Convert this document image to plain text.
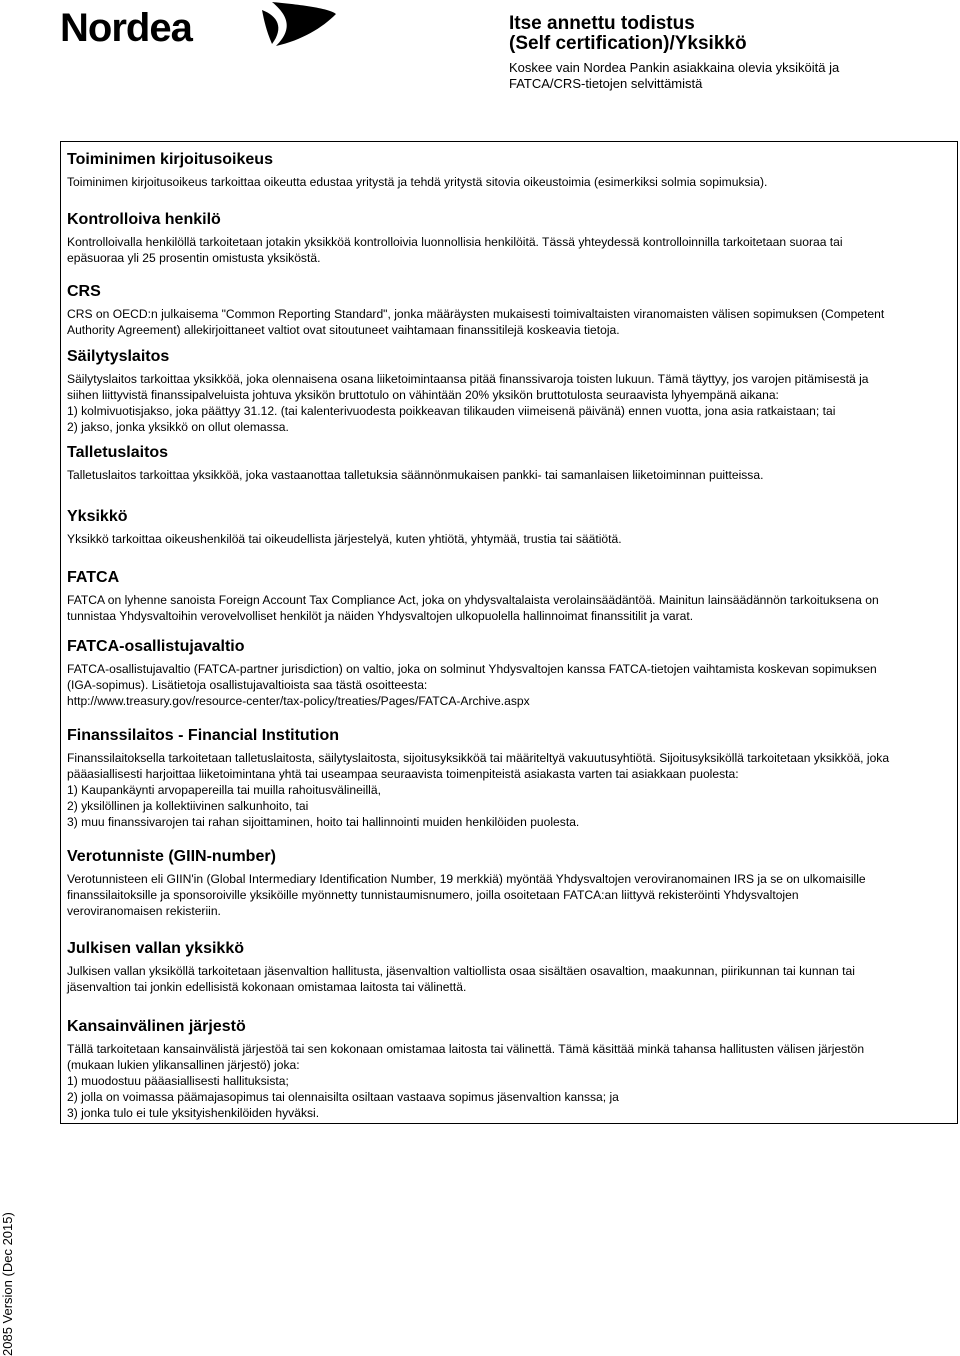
Nordea	Itse annettu todistus
(Self certification)/Yksikkö
Koskee vain Nordea Pankin asiakkaina olevia yksiköitä ja
FATCA/CRS-tietojen selvittämistä
Toiminimen kirjoitusoikeus
Toiminimen kirjoitusoikeus tarkoittaa oikeutta edustaa yritystä ja tehdä yritystä sitovia oikeustoimia (esimerkiksi solmia sopimuksia).
Kontrolloiva henkilö
Kontrolloivalla henkilöllä tarkoitetaan jotakin yksikköä kontrolloivia luonnollisia henkilöitä. Tässä yhteydessä kontrolloinnilla tarkoitetaan suoraa tai
epäsuoraa yli 25 prosentin omistusta yksiköstä.
CRS
CRS on OECD:n julkaisema "Common Reporting Standard", jonka määräysten mukaisesti toimivaltaisten viranomaisten välisen sopimuksen (Competent
Authority Agreement) allekirjoittaneet valtiot ovat sitoutuneet vaihtamaan finanssitilejä koskeavia tietoja.
Säilytyslaitos
Säilytyslaitos tarkoittaa yksikköä, joka olennaisena osana liiketoimintaansa pitää finanssivaroja toisten lukuun. Tämä täyttyy, jos varojen pitämisestä ja
siihen liittyvistä finanssipalveluista johtuva yksikön bruttotulo on vähintään 20% yksikön bruttotulosta seuraavista lyhyempänä aikana:
1) kolmivuotisjakso, joka päättyy 31.12. (tai kalenterivuodesta poikkeavan tilikauden viimeisenä päivänä) ennen vuotta, jona asia ratkaistaan; tai
2) jakso, jonka yksikkö on ollut olemassa.
Talletuslaitos
Talletuslaitos tarkoittaa yksikköä, joka vastaanottaa talletuksia säännönmukaisen pankki- tai samanlaisen liiketoiminnan puitteissa.
Yksikkö
Yksikkö tarkoittaa oikeushenkilöä tai oikeudellista järjestelyä, kuten yhtiötä, yhtymää, trustia tai säätiötä.
FATCA
FATCA on lyhenne sanoista Foreign Account Tax Compliance Act, joka on yhdysvaltalaista verolainsäädäntöä. Mainitun lainsäädännön tarkoituksena on
tunnistaa Yhdysvaltoihin verovelvolliset henkilöt ja näiden Yhdysvaltojen ulkopuolella hallinnoimat finanssitilit ja varat.
FATCA-osallistujavaltio
FATCA-osallistujavaltio (FATCA-partner jurisdiction) on valtio, joka on solminut Yhdysvaltojen kanssa FATCA-tietojen vaihtamista koskevan sopimuksen
(IGA-sopimus). Lisätietoja osallistujavaltioista saa tästä osoitteesta:
http://www.treasury.gov/resource-center/tax-policy/treaties/Pages/FATCA-Archive.aspx
Finanssilaitos - Financial Institution
Finanssilaitoksella tarkoitetaan talletuslaitosta, säilytyslaitosta, sijoitusyksikköä tai määriteltyä vakuutusyhtiötä. Sijoitusyksiköllä tarkoitetaan yksikköä, joka
pääasiallisesti harjoittaa liiketoimintana yhtä tai useampaa seuraavista toimenpiteistä asiakasta varten tai asiakkaan puolesta:
1) Kaupankäynti arvopapereilla tai muilla rahoitusvälineillä,
2) yksilöllinen ja kollektiivinen salkunhoito, tai
3) muu finanssivarojen tai rahan sijoittaminen, hoito tai hallinnointi muiden henkilöiden puolesta.
Verotunniste (GIIN-number)
Verotunnisteen eli GIIN'in (Global Intermediary Identification Number, 19 merkkiä) myöntää Yhdysvaltojen veroviranomainen IRS ja se on ulkomaisille
finanssilaitoksille ja sponsoroiville yksiköille myönnetty tunnistaumisnumero, joilla osoitetaan FATCA:an liittyvä rekisteröinti Yhdysvaltojen
veroviranomaisen rekisteriin.
Julkisen vallan yksikkö
Julkisen vallan yksiköllä tarkoitetaan jäsenvaltion hallitusta, jäsenvaltion valtiollista osaa sisältäen osavaltion, maakunnan, piirikunnan tai kunnan tai
jäsenvaltion tai jonkin edellisistä kokonaan omistamaa laitosta tai välinettä.
Kansainvälinen järjestö
Tällä tarkoitetaan kansainvälistä järjestöä tai sen kokonaan omistamaa laitosta tai välinettä. Tämä käsittää minkä tahansa hallitusten välisen järjestön
(mukaan lukien ylikansallinen järjestö) joka:
1) muodostuu pääasiallisesti hallituksista;
2) jolla on voimassa päämajasopimus tai olennaisilta osiltaan vastaava sopimus jäsenvaltion kanssa; ja
3) jonka tulo ei tule yksityishenkilöiden hyväksi.
2085 Version (Dec 2015)
